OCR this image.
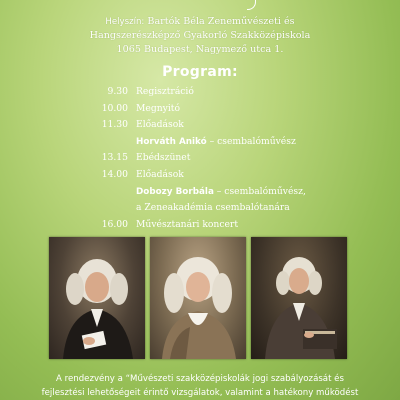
Helyszín: Bartók Béla Zeneművészeti és
Hangszerészképző Gyakorló Szakközépiskola
1065 Budapest, Nagymező utca 1.
Program:
9.30 Regisztráció
10.00 Megnyitó
11.30 Előadások
Horváth Anikó – csembalóművész
13.15 Ebédszünet
14.00 Előadások
Dobozy Borbála – csembalóművész,
a Zeneakadémia csembalótanára
16.00 Művésztanári koncert
A rendezvény a “Művészeti szakközépiskolák jogi szabályozását és
fejlesztési lehetőségeit érintő vizsgálatok, valamint a hatékony működést
